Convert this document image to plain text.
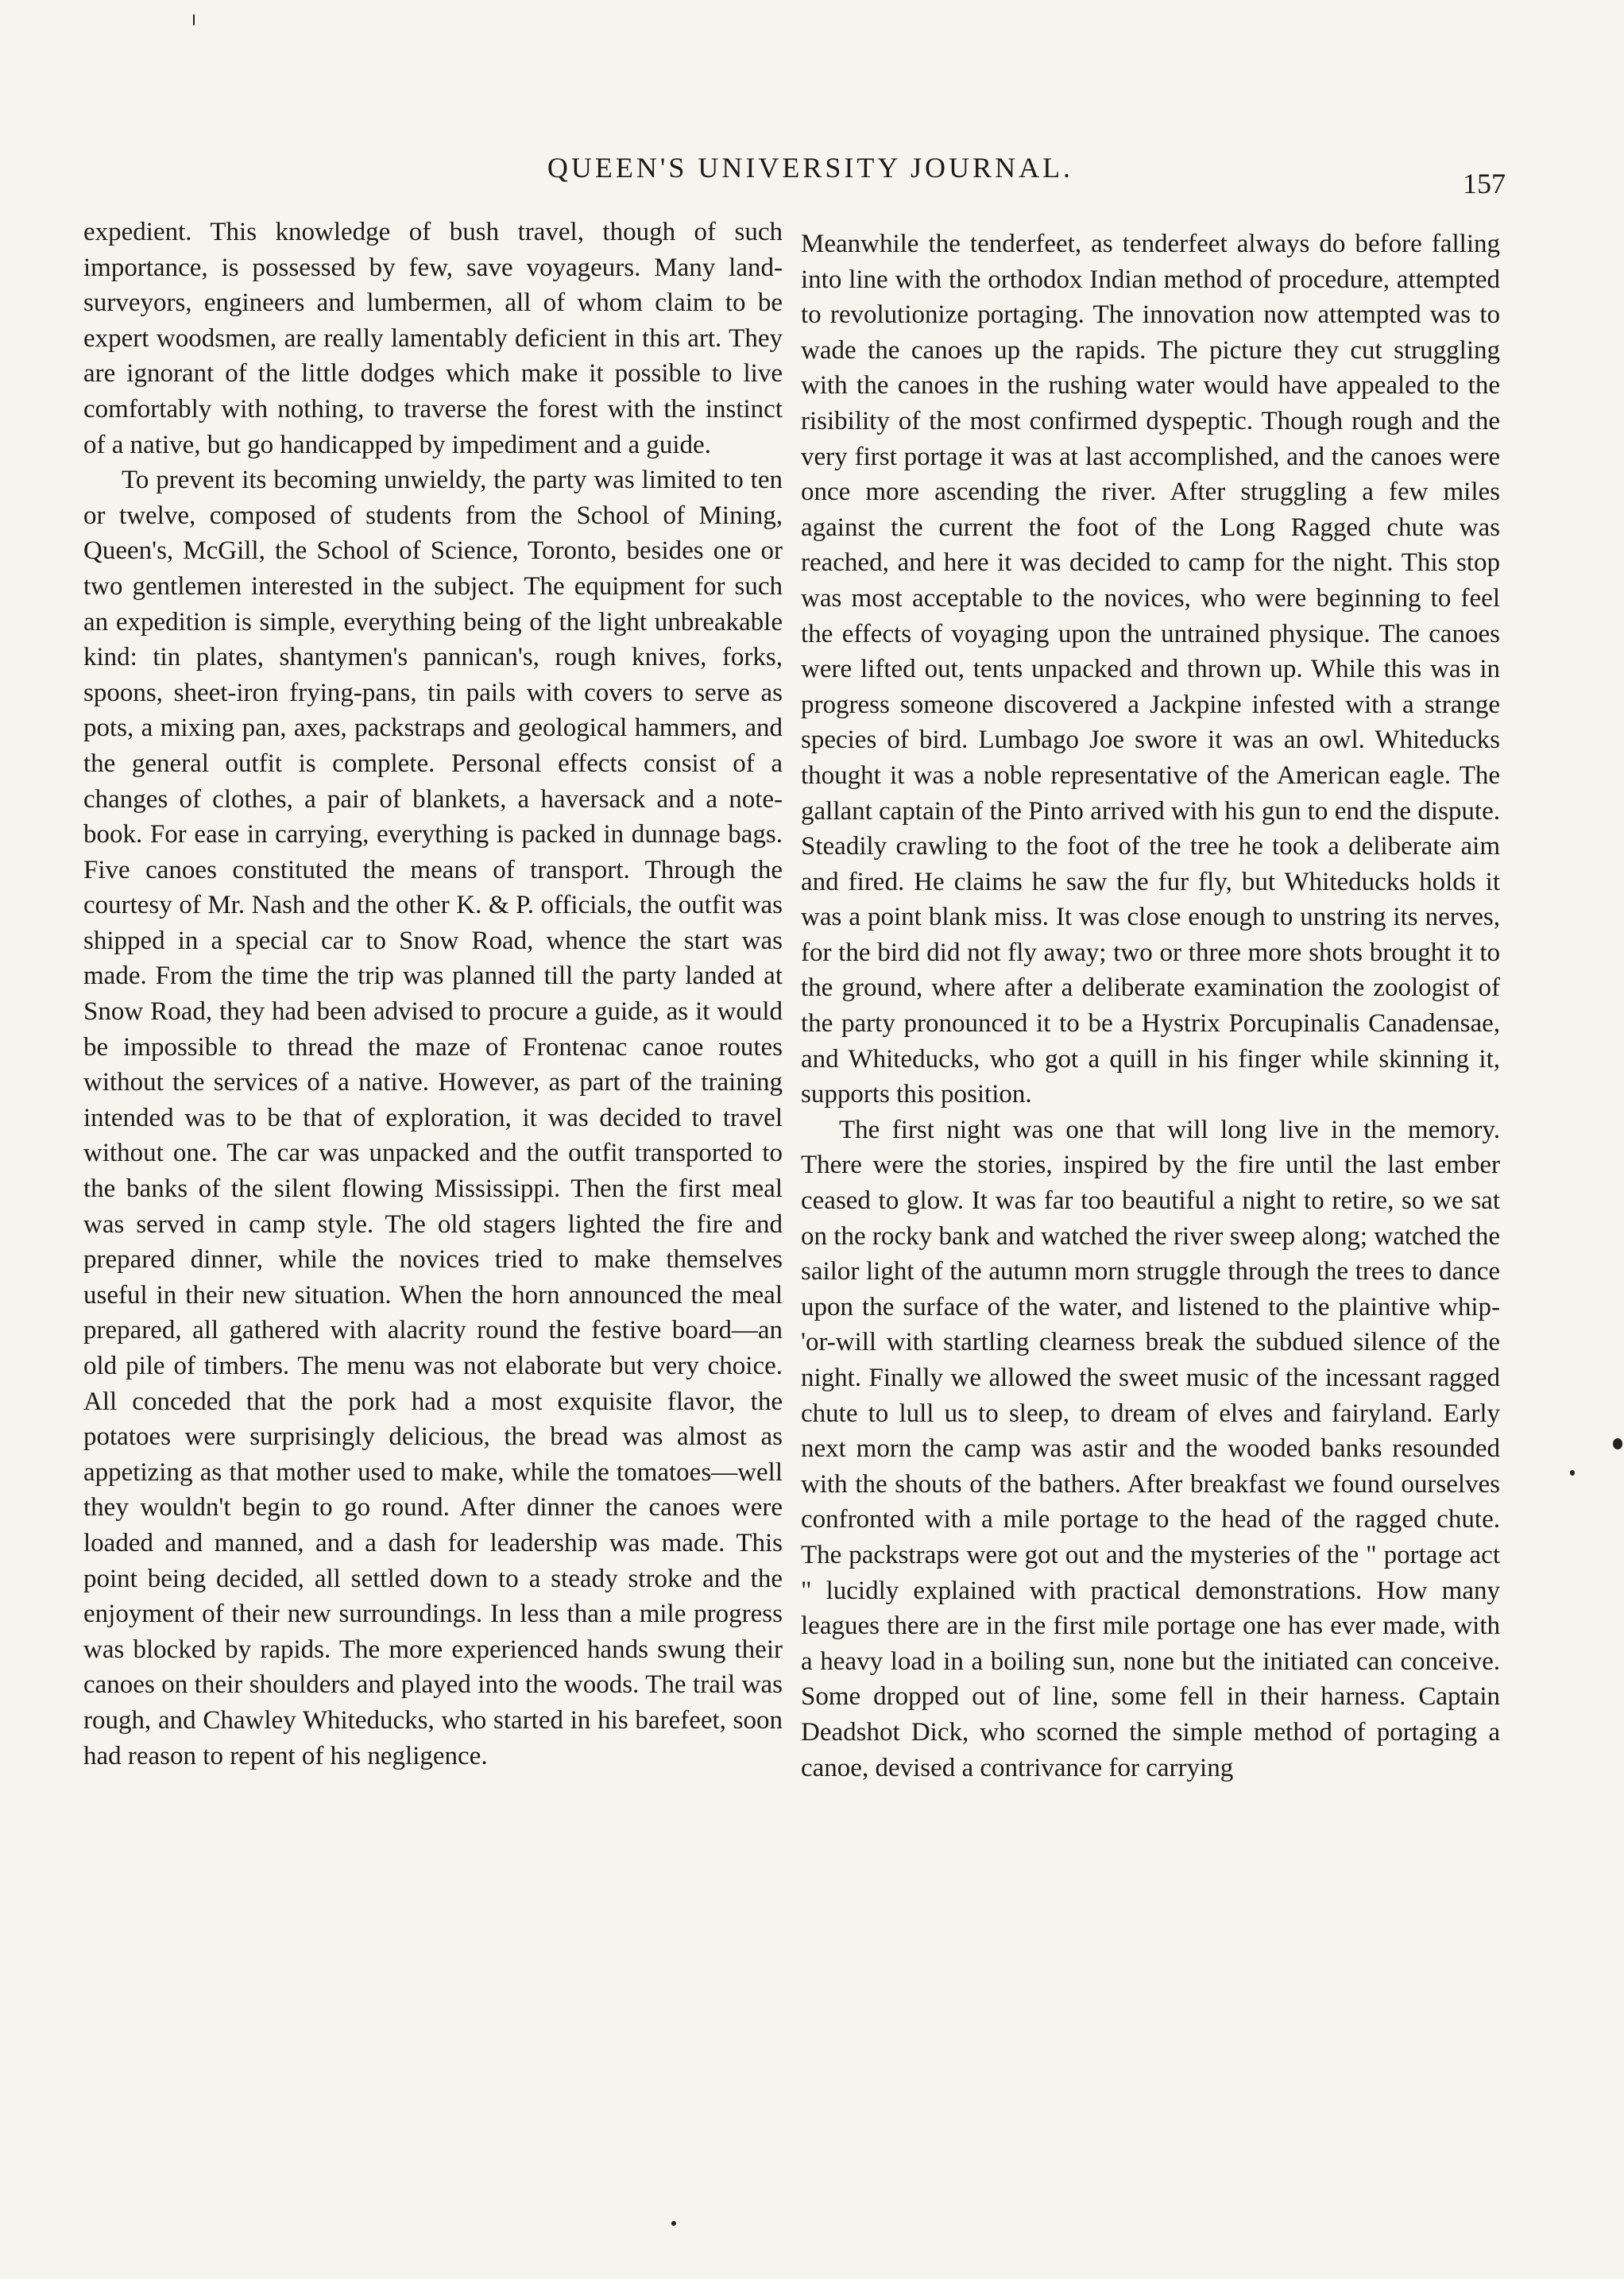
QUEEN'S UNIVERSITY JOURNAL.	157

expedient. This knowledge of bush travel, though of such importance, is possessed by few, save voyageurs. Many land-surveyors, engineers and lumbermen, all of whom claim to be expert woodsmen, are really lamentably deficient in this art. They are ignorant of the little dodges which make it possible to live comfortably with nothing, to traverse the forest with the instinct of a native, but go handicapped by impediment and a guide.

To prevent its becoming unwieldy, the party was limited to ten or twelve, composed of students from the School of Mining, Queen's, McGill, the School of Science, Toronto, besides one or two gentlemen interested in the subject. The equipment for such an expedition is simple, everything being of the light unbreakable kind: tin plates, shantymen's pannican's, rough knives, forks, spoons, sheet-iron frying-pans, tin pails with covers to serve as pots, a mixing pan, axes, packstraps and geological hammers, and the general outfit is complete. Personal effects consist of a changes of clothes, a pair of blankets, a haversack and a note-book. For ease in carrying, everything is packed in dunnage bags. Five canoes constituted the means of transport. Through the courtesy of Mr. Nash and the other K. & P. officials, the outfit was shipped in a special car to Snow Road, whence the start was made. From the time the trip was planned till the party landed at Snow Road, they had been advised to procure a guide, as it would be impossible to thread the maze of Frontenac canoe routes without the services of a native. However, as part of the training intended was to be that of exploration, it was decided to travel without one. The car was unpacked and the outfit transported to the banks of the silent flowing Mississippi. Then the first meal was served in camp style. The old stagers lighted the fire and prepared dinner, while the novices tried to make themselves useful in their new situation. When the horn announced the meal prepared, all gathered with alacrity round the festive board—an old pile of timbers. The menu was not elaborate but very choice. All conceded that the pork had a most exquisite flavor, the potatoes were surprisingly delicious, the bread was almost as appetizing as that mother used to make, while the tomatoes—well they wouldn't begin to go round. After dinner the canoes were loaded and manned, and a dash for leadership was made. This point being decided, all settled down to a steady stroke and the enjoyment of their new surroundings. In less than a mile progress was blocked by rapids. The more experienced hands swung their canoes on their shoulders and played into the woods. The trail was rough, and Chawley Whiteducks, who started in his barefeet, soon had reason to repent of his negligence.

Meanwhile the tenderfeet, as tenderfeet always do before falling into line with the orthodox Indian method of procedure, attempted to revolutionize portaging. The innovation now attempted was to wade the canoes up the rapids. The picture they cut struggling with the canoes in the rushing water would have appealed to the risibility of the most confirmed dyspeptic. Though rough and the very first portage it was at last accomplished, and the canoes were once more ascending the river. After struggling a few miles against the current the foot of the Long Ragged chute was reached, and here it was decided to camp for the night. This stop was most acceptable to the novices, who were beginning to feel the effects of voyaging upon the untrained physique. The canoes were lifted out, tents unpacked and thrown up. While this was in progress someone discovered a Jackpine infested with a strange species of bird. Lumbago Joe swore it was an owl. Whiteducks thought it was a noble representative of the American eagle. The gallant captain of the Pinto arrived with his gun to end the dispute. Steadily crawling to the foot of the tree he took a deliberate aim and fired. He claims he saw the fur fly, but Whiteducks holds it was a point blank miss. It was close enough to unstring its nerves, for the bird did not fly away; two or three more shots brought it to the ground, where after a deliberate examination the zoologist of the party pronounced it to be a Hystrix Porcupinalis Canadensae, and Whiteducks, who got a quill in his finger while skinning it, supports this position.

The first night was one that will long live in the memory. There were the stories, inspired by the fire until the last ember ceased to glow. It was far too beautiful a night to retire, so we sat on the rocky bank and watched the river sweep along; watched the sailor light of the autumn morn struggle through the trees to dance upon the surface of the water, and listened to the plaintive whip-'or-will with startling clearness break the subdued silence of the night. Finally we allowed the sweet music of the incessant ragged chute to lull us to sleep, to dream of elves and fairyland. Early next morn the camp was astir and the wooded banks resounded with the shouts of the bathers. After breakfast we found ourselves confronted with a mile portage to the head of the ragged chute. The packstraps were got out and the mysteries of the " portage act " lucidly explained with practical demonstrations. How many leagues there are in the first mile portage one has ever made, with a heavy load in a boiling sun, none but the initiated can conceive. Some dropped out of line, some fell in their harness. Captain Deadshot Dick, who scorned the simple method of portaging a canoe, devised a contrivance for carrying
